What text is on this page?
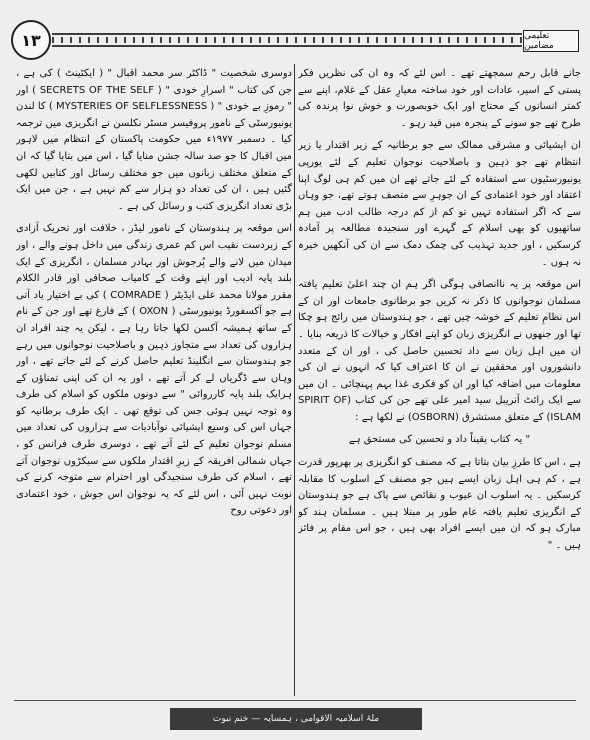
۱۳	تعلیمی مضامین

جانے قابل رحم سمجھتے تھے ۔ اس لئے کہ وہ ان کی نظریں فکر پستی کے اسیر، عادات اور خود ساختہ معیارِ عقل کے غلام، اپنے سے کمتر انسانوں کے محتاج اور ایک خوبصورت و خوش نوا پرندہ کی طرح تھے جو سونے کے پنجرہ میں قید رہو ۔

ان ایشیائی و مشرقی ممالک سے جو برطانیہ کے زیر اقتدار یا زیر انتظام تھے جو ذہین و باصلاحیت نوجوان تعلیم کے لئے یورپی یونیورسٹیوں سے استفادہ کے لئے جاتے تھے ان میں کم ہی لوگ اپنا اعتقاد اور خود اعتمادی کے ان جوہرِ سے متصف ہوتے تھے، جو وہاں سے کہ اگر استفادہ نہیں تو کم از کم درجہ طالب ادب میں ہم ساتھیوں کو بھی اسلام کے گہرے اور سنجیدہ مطالعہ پر آمادہ کرسکیں ، اور جدید تہذیب کی چمک دمک سے ان کی آنکھیں خیرہ نہ ہوں ۔

اس موقعہ پر یہ ناانصافی ہوگی اگر ہم ان چند اعلیٰ تعلیم یافتہ مسلمان نوجوانوں کا ذکر نہ کریں جو برطانوی جامعات اور ان کے اس نظامِ تعلیم کے خوشہ چیں تھے ، جو ہندوستان میں رائج ہو چکا تھا اور جنھوں نے انگریزی زبان کو اپنے افکار و خیالات کا ذریعہ بنایا ۔ ان میں اہل زبان سے داد تحسین حاصل کی ، اور ان کے متعدد دانشوروں اور محققین نے ان کا اعتراف کیا کہ انہوں نے ان کی معلومات میں اضافہ کیا اور ان کو فکری غذا بہم پہنچائی ۔ ان میں سے ایک رائٹ آنریبل سید امیر علی تھے جن کی کتاب (SPIRIT OF ISLAM) کے متعلق مستشرق (OSBORN) نے لکھا ہے :

" یہ کتاب یقیناً داد و تحسین کی مستحق ہے

ہے ، اس کا طرزِ بیان بتاتا ہے کہ مصنف کو انگریزی پر بھرپور قدرت ہے ، کم ہی اہل زبان ایسے ہیں جو مصنف کے اسلوب کا مقابلہ کرسکیں ۔ یہ اسلوب ان عیوب و نقائص سے پاک ہے جو ہندوستان کے انگریزی تعلیم یافتہ عام طور پر مبتلا ہیں ۔ مسلمان ہند کو مبارک ہو کہ ان میں ایسے افراد بھی ہیں ، جو اس مقام پر فائز ہیں ۔ "

دوسری شخصیت " ڈاکٹر سر محمد اقبال " ( ایکٹینٹ ) کی ہے ، جن کی کتاب " اسرارِ خودی " ( SECRETS OF THE SELF ) اور " رموزِ بے خودی " ( MYSTERIES OF SELFLESSNESS ) کا لندن یونیورسٹی کے نامور پروفیسر مسٹر نکلسن نے انگریزی میں ترجمہ کیا ۔ دسمبر ۱۹۷۷ء میں حکومت پاکستان کے انتظام میں لاہور میں اقبال کا جو صد سالہ جشن منایا گیا ، اس میں بتایا گیا کہ ان کے متعلق مختلف زبانوں میں جو مختلف رسائل اور کتابیں لکھی گئیں ہیں ، ان کی تعداد دو ہزار سے کم نہیں ہے ، جن میں ایک بڑی تعداد انگریزی کتب و رسائل کی ہے ۔

اس موقعہ پر ہندوستان کے نامور لیڈر ، خلافت اور تحریک آزادی کے زبردست نقیب اس کم عمری زندگی میں داخل ہونے والے ، اور میدان میں لانے والے پُرجوش اور بہادر مسلمان ، انگریزی کے ایک بلند پایہ ادیب اور اپنے وقت کے کامیاب صحافی اور قادر الکلام مقرر مولانا محمد علی ایڈیٹر ( COMRADE ) کی بے اختیار یاد آتی ہے جو آکسفورڈ یونیورسٹی ( OXON ) کے فارغ تھے اور جن کے نام کے ساتھ ہمیشہ آکسن لکھا جاتا رہا ہے ، لیکن یہ چند افراد ان ہزاروں کی تعداد سے متجاوز ذہین و باصلاحیت نوجوانوں میں رہے جو ہندوستان سے انگلینڈ تعلیم حاصل کرنے کے لئے جاتے تھے ، اور وہاں سے ڈگریاں لے کر آتے تھے ، اور یہ ان کی اپنی تمناؤں کے ہرایک بلند پایہ کارروائی " سے دونوں ملکوں کو اسلام کی طرف وہ توجہ نہیں ہوئی جس کی توقع تھی ۔ ایک طرف برطانیہ کو جہاں اس کی وسیع ایشیائی نوآبادیات سے ہزاروں کی تعداد میں مسلم نوجوان تعلیم کے لئے آتے تھے ، دوسری طرف فرانس کو ، جہاں شمالی افریقہ کے زیرِ اقتدار ملکوں سے سیکڑوں نوجوان آتے تھے ، اسلام کی طرف سنجیدگی اور احترام سے متوجہ کرنے کی نوبت نہیں آئی ، اس لئے کہ یہ نوجوان اس جوش ، خود اعتمادی اور دعوتی روح

ملۂ اسلامیہ الاقوامی ، ہمسایہ — ختم نبوت
